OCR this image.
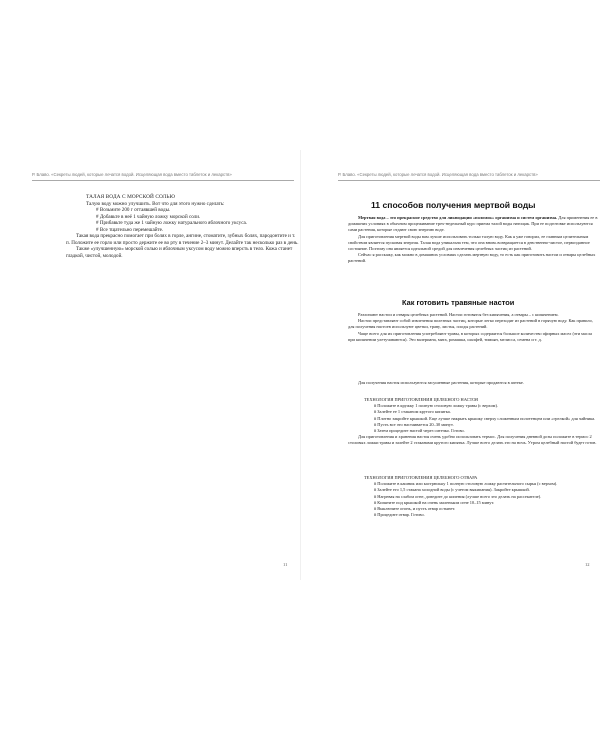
Р. Блаво. «Секреты людей, которые лечатся водой. Исцеляющая вода вместо таблеток и лекарств»

ТАЛАЯ ВОДА С МОРСКОЙ СОЛЬЮ

Талую воду можно улучшить. Вот что для этого нужно сделать:

# Возьмите 200 г оттаявшей воды.

# Добавьте в неё 1 чайную ложку морской соли.

# Прибавьте туда же 1 чайную ложку натурального яблочного уксуса.

# Все тщательно перемешайте.

Такая вода прекрасно помогает при болях в горле, ангине, стоматите, зубных болях, пародонтите и т. п. Положите ее горло или просто держите ее во рту в течение 2–3 минут. Делайте так несколько раз в день.

Также «улучшенную» морской солью и яблочным уксусом воду можно вперсть в тело. Кожа станет гладкой, чистой, молодой.

11
Р. Блаво. «Секреты людей, которые лечатся водой. Исцеляющая вода вместо таблеток и лекарств»
11 способов получения мертвой воды

Мертвая вода – это прекрасное средство для ликвидации «поломок» организма и систем организма. Для применения ее в домашних условиях в обычном процеживание трех-недельный курс приема талой воды натощак. При ее подготовке используются сами растения, которые отдают свою энергию воде.

Для приготовления мертвой воды вам лучше использовать только талую воду. Как я уже говорил, ее главным целительным свойством является пусковая энергия. Талая вода уникальна тем, что она вновь возвращается в девственно-чистое, первозданное состояние. Поэтому она является идеальной средой для извлечения целебных частиц из растений.

Сейчас я расскажу, как можно в домашних условиях сделать мертвую воду, то есть как приготовить настои и отвары целебных растений.

Как готовить травяные настои

Различают настои и отвары целебных растений. Настои готовятся без кипячения, а отвары – с кипячением.

Настои представляют собой извлечения полезных частиц, которые легко переходят из растений в горячую воду. Как правило, для получения настоев используют цветки, траву, листья, плоды растений.

Чаще всего для их приготовления употребляют травы, в которых содержится большое количество эфирных масел (эти масла при кипячении улетучиваются). Это валериана, мята, ромашка, шалфей, тимьян, мелисса, семена и т. д.

Для получения настоя используются засушенные растения, которые продаются в аптеке.

ТЕХНОЛОГИЯ ПРИГОТОВЛЕНИЯ ЦЕЛЕБНОГО НАСТОЯ

# Положите в кружку 1 полную столовую ложку травы (с верхом).

# Залейте ее 1 стаканом крутого кипятка.

# Плотно закройте крышкой. Еще лучше накрыть крышку сверху сложенным полотенцем или «грелкой» для чайника.

# Пусть все это настаивается 20–30 минут.

# Затем процедите настой через ситечко. Готово.

Для приготовления и хранения настоя очень удобно использовать термос. Для получения дневной дозы положите в термос 2 столовых ложки травы и залейте 2 стаканами крутого кипятка. Лучше всего делать это на ночь. Утром целебный настой будет готов.

ТЕХНОЛОГИЯ ПРИГОТОВЛЕНИЯ ЦЕЛЕБНОГО ОТВАРА

# Положите в кашник или кастрюльку 1 полную столовую ложку растительного сырья (с верхом).

# Залейте его 1,5 стакана холодной воды (с учетом выкипания). Закройте крышкой.

# Нагревая на слабом огне, доведите до кипения (лучше всего это делать на рассекателе).

# Кипятите под крышкой на очень маленьком огне 10–15 минут.

# Выключите огонь, и пусть отвар остынет.

# Процедите отвар. Готово.

12
